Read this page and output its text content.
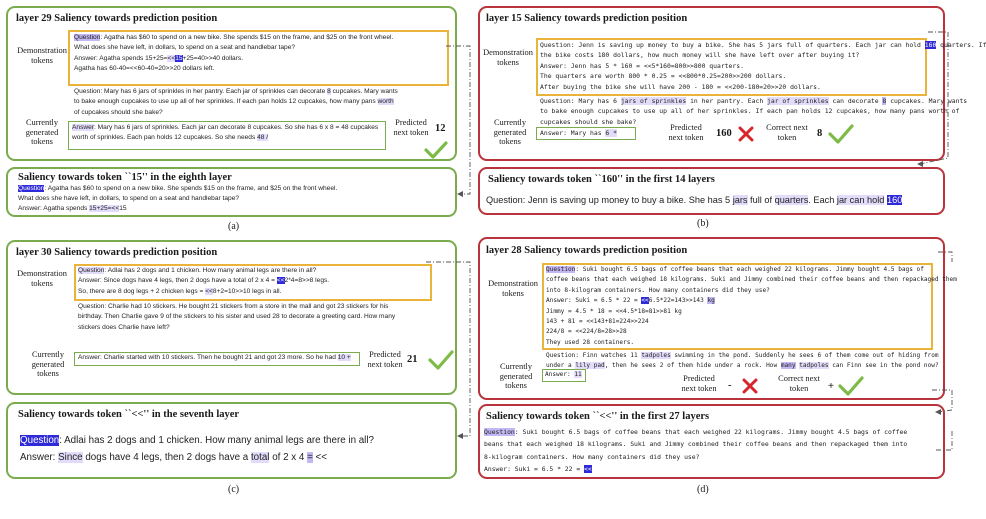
layer 29 Saliency towards prediction position
Demonstration tokens
Question: Agatha has $60 to spend on a new bike. She spends $15 on the frame, and $25 on the front wheel.
What does she have left, in dollars, to spend on a seat and handlebar tape?
Answer: Agatha spends 15+25=<<15+25=40>>40 dollars.
Agatha has 60-40=<<60-40=20>>20 dollars left.
Question: Mary has 6 jars of sprinkles in her pantry. Each jar of sprinkles can decorate 8 cupcakes. Mary wants
to bake enough cupcakes to use up all of her sprinkles. If each pan holds 12 cupcakes, how many pans worth
of cupcakes should she bake?
Currently generated tokens
Answer: Mary has 6 jars of sprinkles. Each jar can decorate 8 cupcakes. So she has 6 x 8 = 48 cupcakes
worth of sprinkles. Each pan holds 12 cupcakes. So she needs 48 /
Predicted next token 12
Saliency towards token ``15'' in the eighth layer
Question: Agatha has $60 to spend on a new bike. She spends $15 on the frame, and $25 on the front wheel.
What does she have left, in dollars, to spend on a seat and handlebar tape?
Answer: Agatha spends 15+25=<<15
(a)
layer 15 Saliency towards prediction position
Demonstration tokens
Question: Jenn is saving up money to buy a bike. She has 5 jars full of quarters. Each jar can hold 160 quarters. If
the bike costs 180 dollars, how much money will she have left over after buying it?
Answer: Jenn has 5 * 160 = <<5*160=800>>800 quarters.
The quarters are worth 800 * 0.25 = <<800*0.25=200>>200 dollars.
After buying the bike she will have 200 - 180 = <<200-180=20>>20 dollars.
Question: Mary has 6 jars of sprinkles in her pantry. Each jar of sprinkles can decorate 8 cupcakes. Mary wants
to bake enough cupcakes to use up all of her sprinkles. If each pan holds 12 cupcakes, how many pans worth of
cupcakes should she bake?
Currently generated tokens
Answer: Mary has 6 *
Predicted next token 160
Correct next token	8
Saliency towards token ``160'' in the first 14 layers
Question: Jenn is saving up money to buy a bike. She has 5 jars full of quarters. Each jar can hold 160
(b)
layer 30 Saliency towards prediction position
Demonstration tokens
Question: Adlai has 2 dogs and 1 chicken. How many animal legs are there in all?
Answer: Since dogs have 4 legs, then 2 dogs have a total of 2 x 4 = <<2*4=8>>8 legs.
So, there are 8 dog legs + 2 chicken legs = <<8+2=10>>10 legs in all.
Question: Charlie had 10 stickers. He bought 21 stickers from a store in the mall and got 23 stickers for his
birthday. Then Charlie gave 9 of the stickers to his sister and used 28 to decorate a greeting card. How many
stickers does Charlie have left?
Currently generated tokens
Answer: Charlie started with 10 stickers. Then he bought 21 and got 23 more. So he had 10 +	Predicted next token 21
Saliency towards token ``<<'' in the seventh layer
Question: Adlai has 2 dogs and 1 chicken. How many animal legs are there in all?
Answer: Since dogs have 4 legs, then 2 dogs have a total of 2 x 4 = <<
(c)
layer 28 Saliency towards prediction position
Demonstration tokens
Question: Suki bought 6.5 bags of coffee beans that each weighed 22 kilograms. Jimmy bought 4.5 bags of
coffee beans that each weighed 18 kilograms. Suki and Jimmy combined their coffee beans and then repackaged them
into 8-kilogram containers. How many containers did they use?
Answer: Suki = 6.5 * 22 = <<6.5*22=143>>143 kg
Jimmy = 4.5 * 18 = <<4.5*18=81>>81 kg
143 + 81 = <<143+81=224>>224
224/8 = <<224/8=28>>28
They used 28 containers.
Question: Finn watches 11 tadpoles swimming in the pond. Suddenly he sees 6 of them come out of hiding from
under a lily pad, then he sees 2 of them hide under a rock. How many tadpoles can Finn see in the pond now?
Currently generated tokens
Answer: 11	Predicted next token	-
Correct next token	+
Saliency towards token ``<<'' in the first 27 layers
Question: Suki bought 6.5 bags of coffee beans that each weighed 22 kilograms. Jimmy bought 4.5 bags of coffee
beans that each weighed 18 kilograms. Suki and Jimmy combined their coffee beans and then repackaged them into
8-kilogram containers. How many containers did they use?
Answer: Suki = 6.5 * 22 = <<
(d)
